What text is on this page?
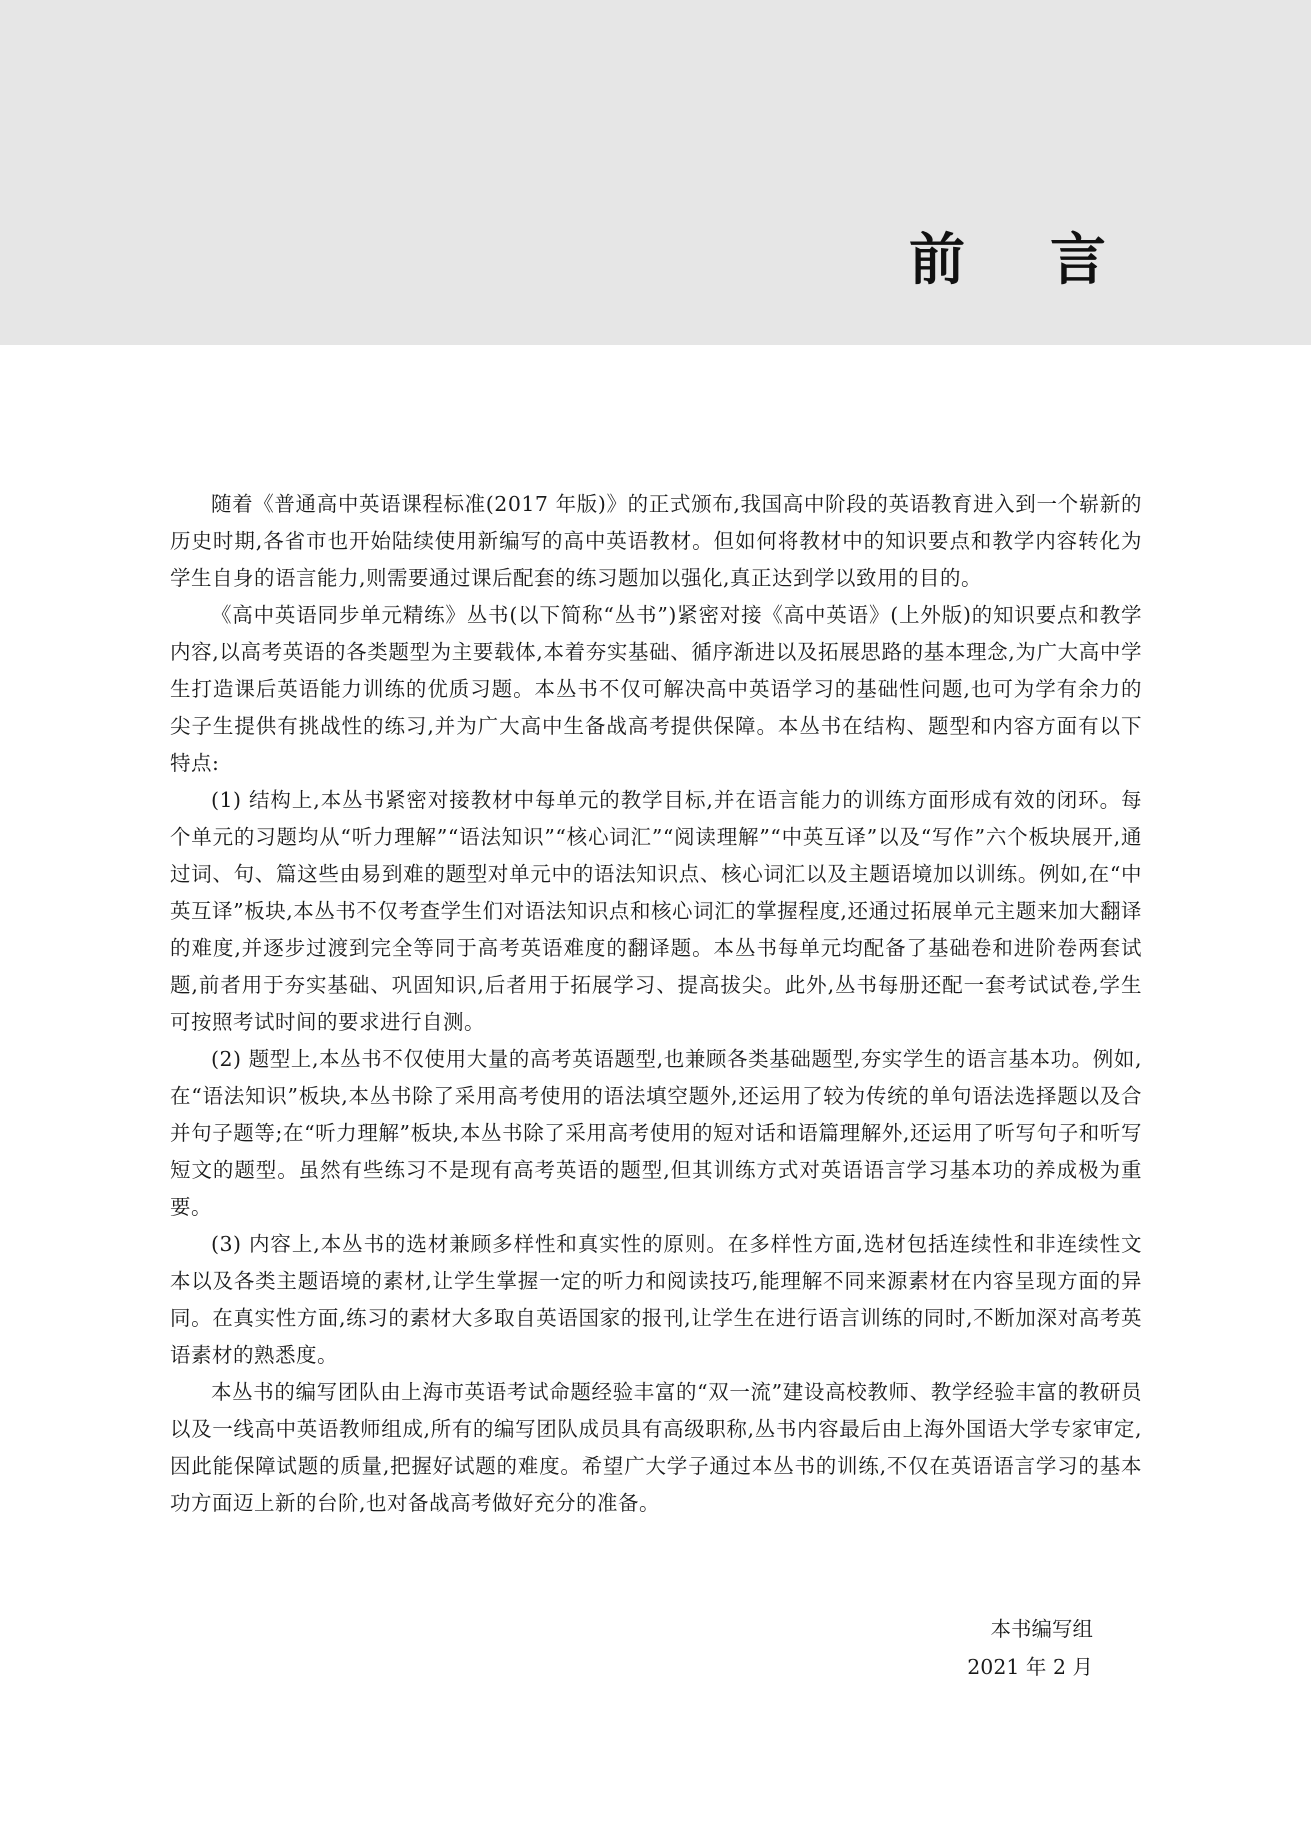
前言

随着《普通高中英语课程标准(2017 年版)》的正式颁布,我国高中阶段的英语教育进入到一个崭新的历史时期,各省市也开始陆续使用新编写的高中英语教材。但如何将教材中的知识要点和教学内容转化为学生自身的语言能力,则需要通过课后配套的练习题加以强化,真正达到学以致用的目的。

《高中英语同步单元精练》丛书(以下简称“丛书”)紧密对接《高中英语》(上外版)的知识要点和教学内容,以高考英语的各类题型为主要载体,本着夯实基础、循序渐进以及拓展思路的基本理念,为广大高中学生打造课后英语能力训练的优质习题。本丛书不仅可解决高中英语学习的基础性问题,也可为学有余力的尖子生提供有挑战性的练习,并为广大高中生备战高考提供保障。本丛书在结构、题型和内容方面有以下特点:

(1) 结构上,本丛书紧密对接教材中每单元的教学目标,并在语言能力的训练方面形成有效的闭环。每个单元的习题均从“听力理解”“语法知识”“核心词汇”“阅读理解”“中英互译”以及“写作”六个板块展开,通过词、句、篇这些由易到难的题型对单元中的语法知识点、核心词汇以及主题语境加以训练。例如,在“中英互译”板块,本丛书不仅考查学生们对语法知识点和核心词汇的掌握程度,还通过拓展单元主题来加大翻译的难度,并逐步过渡到完全等同于高考英语难度的翻译题。本丛书每单元均配备了基础卷和进阶卷两套试题,前者用于夯实基础、巩固知识,后者用于拓展学习、提高拔尖。此外,丛书每册还配一套考试试卷,学生可按照考试时间的要求进行自测。

(2) 题型上,本丛书不仅使用大量的高考英语题型,也兼顾各类基础题型,夯实学生的语言基本功。例如,在“语法知识”板块,本丛书除了采用高考使用的语法填空题外,还运用了较为传统的单句语法选择题以及合并句子题等;在“听力理解”板块,本丛书除了采用高考使用的短对话和语篇理解外,还运用了听写句子和听写短文的题型。虽然有些练习不是现有高考英语的题型,但其训练方式对英语语言学习基本功的养成极为重要。

(3) 内容上,本丛书的选材兼顾多样性和真实性的原则。在多样性方面,选材包括连续性和非连续性文本以及各类主题语境的素材,让学生掌握一定的听力和阅读技巧,能理解不同来源素材在内容呈现方面的异同。在真实性方面,练习的素材大多取自英语国家的报刊,让学生在进行语言训练的同时,不断加深对高考英语素材的熟悉度。

本丛书的编写团队由上海市英语考试命题经验丰富的“双一流”建设高校教师、教学经验丰富的教研员以及一线高中英语教师组成,所有的编写团队成员具有高级职称,丛书内容最后由上海外国语大学专家审定,因此能保障试题的质量,把握好试题的难度。希望广大学子通过本丛书的训练,不仅在英语语言学习的基本功方面迈上新的台阶,也对备战高考做好充分的准备。

本书编写组
2021 年 2 月
